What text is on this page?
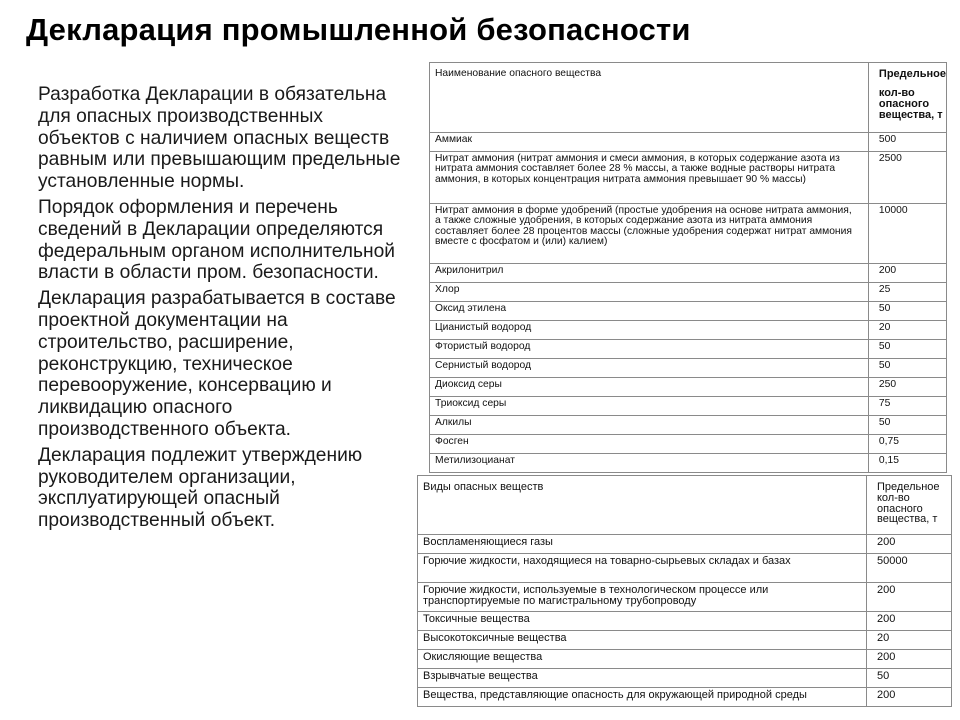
Декларация промышленной безопасности
Разработка Декларации в обязательна для опасных производственных объектов с наличием опасных веществ равным или превышающим предельные установленные нормы.
Порядок оформления и перечень сведений в Декларации определяются федеральным органом исполнительной власти в области пром. безопасности.
Декларация разрабатывается в составе проектной документации на строительство, расширение, реконструкцию, техническое перевооружение, консервацию и ликвидацию опасного производственного объекта.
Декларация подлежит утверждению руководителем организации, эксплуатирующей опасный производственный объект.
Наименование опасного вещества	Предельное
кол-во опасного вещества, т
Аммиак	500
Нитрат аммония (нитрат аммония и смеси аммония, в которых содержание азота из нитрата аммония составляет более 28 % массы, а также водные растворы нитрата аммония, в которых концентрация нитрата аммония превышает 90 % массы)	2500
Нитрат аммония в форме удобрений (простые удобрения на основе нитрата аммония, а также сложные удобрения, в которых содержание азота из нитрата аммония составляет более 28 процентов массы (сложные удобрения содержат нитрат аммония вместе с фосфатом и (или) калием)	10000
Акрилонитрил	200
Хлор	25
Оксид этилена	50
Цианистый водород	20
Фтористый водород	50
Сернистый водород	50
Диоксид серы	250
Триоксид серы	75
Алкилы	50
Фосген	0,75
Метилизоцианат	0,15
Виды опасных веществ	Предельное кол-во опасного вещества, т
Воспламеняющиеся газы	200
Горючие жидкости, находящиеся на товарно-сырьевых складах и базах	50000
Горючие жидкости, используемые в технологическом процессе или транспортируемые по магистральному трубопроводу	200
Токсичные вещества	200
Высокотоксичные вещества	20
Окисляющие вещества	200
Взрывчатые вещества	50
Вещества, представляющие опасность для окружающей природной среды	200
